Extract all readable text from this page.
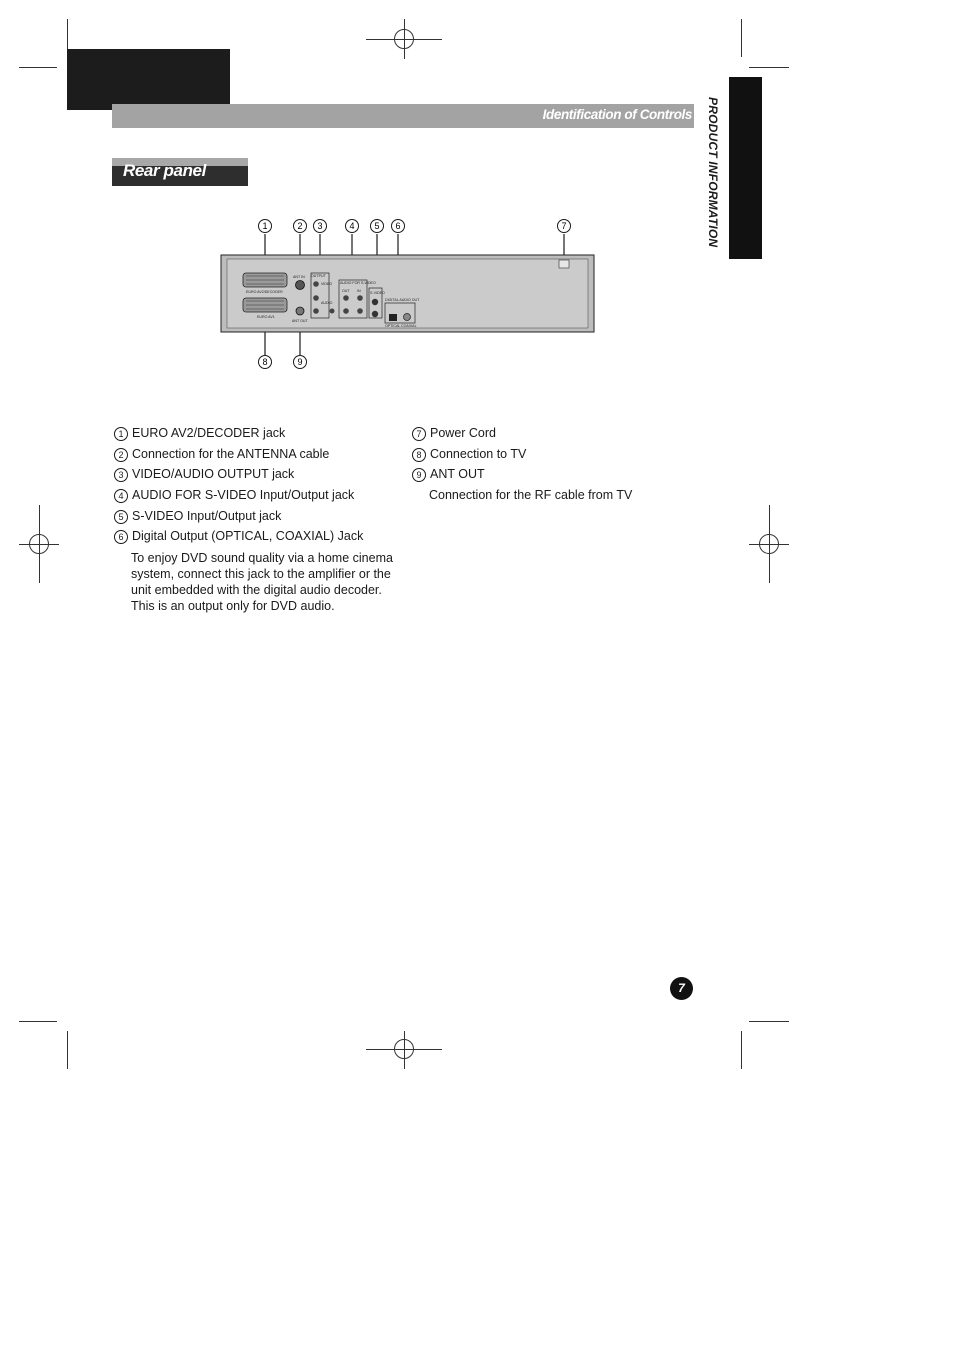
Identification of Controls PRODUCT INFORMATION
Rear panel
1	2 3	4 5 6	7
8	9
EURO AV2/DECODER
EURO AV1
ANT IN
ANT OUT
OUTPUT
VIDEO
AUDIO
AUDIO FOR S-VIDEO
OUT IN	S-VIDEO
DIGITAL AUDIO OUT
OPTICAL COAXIAL
1 EURO AV2/DECODER jack
2 Connection for the ANTENNA cable
3 VIDEO/AUDIO OUTPUT jack
4 AUDIO FOR S-VIDEO Input/Output jack
5 S-VIDEO Input/Output jack
6 Digital Output (OPTICAL, COAXIAL) Jack
To enjoy DVD sound quality via a home cinema system, connect this jack to the amplifier or the unit embedded with the digital audio decoder. This is an output only for DVD audio.
7 Power Cord
8 Connection to TV
9 ANT OUT
Connection for the RF cable from TV
7
